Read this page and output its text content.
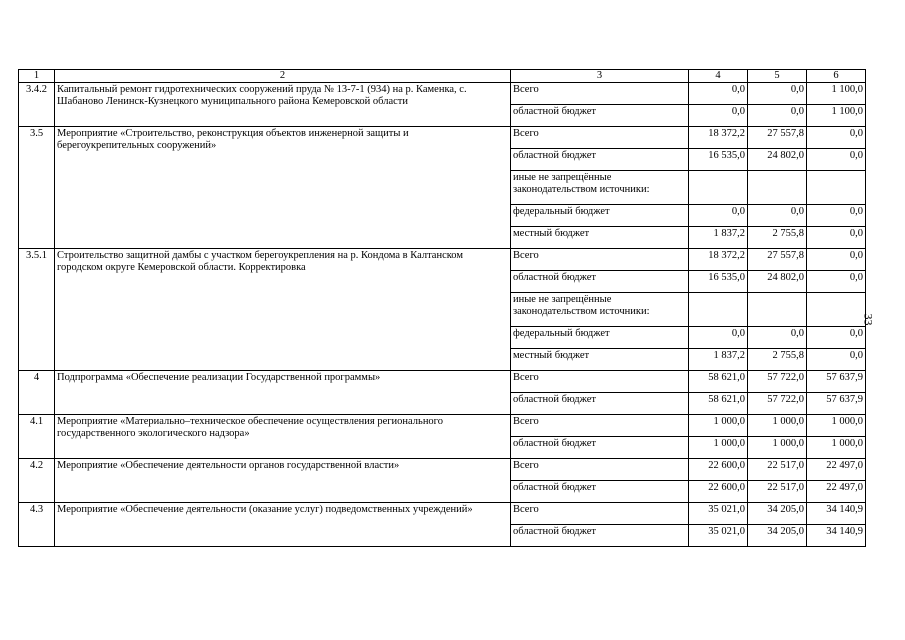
1	2	3	4	5	6
3.4.2	Капитальный ремонт гидротехнических сооружений пруда № 13-7-1 (934) на р. Каменка, с. Шабаново Ленинск-Кузнецкого муниципального района Кемеровской области	Всего	0,0	0,0	1 100,0
		областной бюджет	0,0	0,0	1 100,0
3.5	Мероприятие «Строительство, реконструкция объектов инженерной защиты и берегоукрепительных сооружений»	Всего	18 372,2	27 557,8	0,0
		областной бюджет	16 535,0	24 802,0	0,0
		иные не запрещённые законодательством источники:			
		федеральный бюджет	0,0	0,0	0,0
		местный бюджет	1 837,2	2 755,8	0,0
3.5.1	Строительство защитной дамбы с участком берегоукрепления на р. Кондома в Калтанском городском округе Кемеровской области. Корректировка	Всего	18 372,2	27 557,8	0,0
		областной бюджет	16 535,0	24 802,0	0,0
		иные не запрещённые законодательством источники:			
		федеральный бюджет	0,0	0,0	0,0
		местный бюджет	1 837,2	2 755,8	0,0
4	Подпрограмма «Обеспечение реализации Государственной программы»	Всего	58 621,0	57 722,0	57 637,9
		областной бюджет	58 621,0	57 722,0	57 637,9
4.1	Мероприятие «Материально–техническое обеспечение осуществления регионального государственного экологического надзора»	Всего	1 000,0	1 000,0	1 000,0
		областной бюджет	1 000,0	1 000,0	1 000,0
4.2	Мероприятие «Обеспечение деятельности органов государственной власти»	Всего	22 600,0	22 517,0	22 497,0
		областной бюджет	22 600,0	22 517,0	22 497,0
4.3	Мероприятие «Обеспечение деятельности (оказание услуг) подведомственных учреждений»	Всего	35 021,0	34 205,0	34 140,9
		областной бюджет	35 021,0	34 205,0	34 140,9
33
